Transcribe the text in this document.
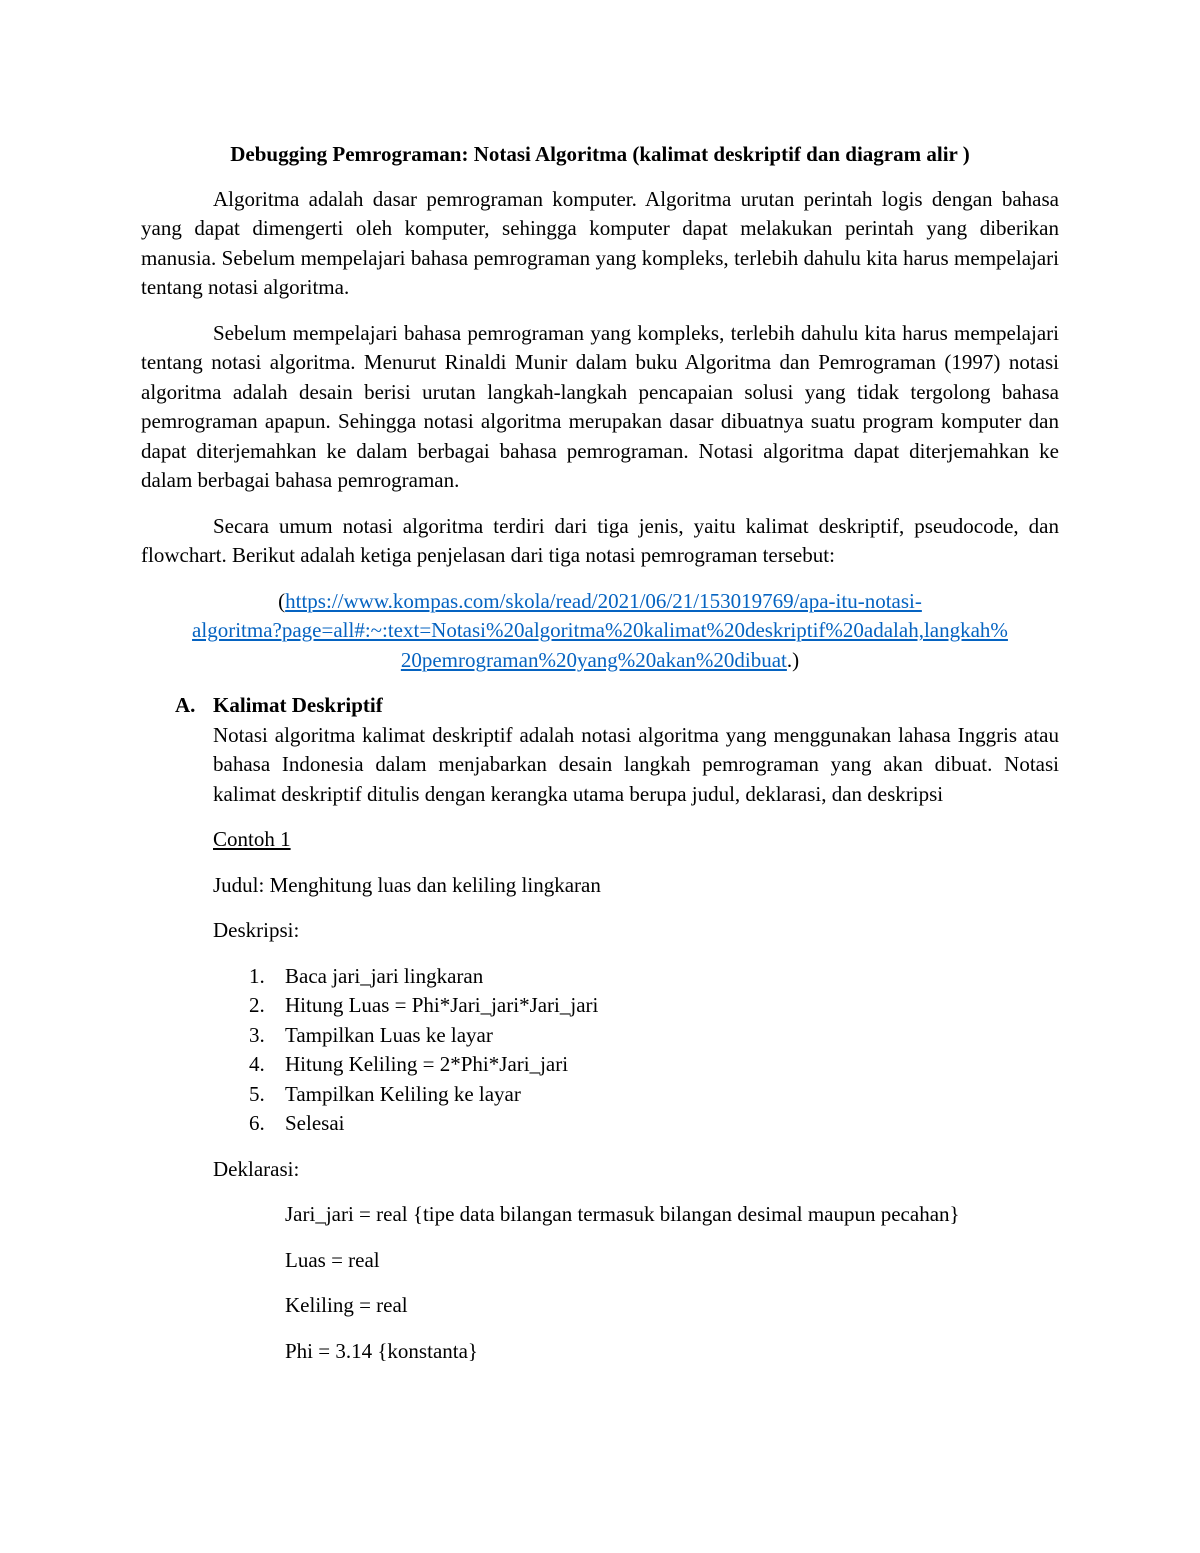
Debugging Pemrograman: Notasi Algoritma (kalimat deskriptif dan diagram alir )

Algoritma adalah dasar pemrograman komputer. Algoritma urutan perintah logis dengan bahasa yang dapat dimengerti oleh komputer, sehingga komputer dapat melakukan perintah yang diberikan manusia. Sebelum mempelajari bahasa pemrograman yang kompleks, terlebih dahulu kita harus mempelajari tentang notasi algoritma.

Sebelum mempelajari bahasa pemrograman yang kompleks, terlebih dahulu kita harus mempelajari tentang notasi algoritma. Menurut Rinaldi Munir dalam buku Algoritma dan Pemrograman (1997) notasi algoritma adalah desain berisi urutan langkah-langkah pencapaian solusi yang tidak tergolong bahasa pemrograman apapun. Sehingga notasi algoritma merupakan dasar dibuatnya suatu program komputer dan dapat diterjemahkan ke dalam berbagai bahasa pemrograman. Notasi algoritma dapat diterjemahkan ke dalam berbagai bahasa pemrograman.

Secara umum notasi algoritma terdiri dari tiga jenis, yaitu kalimat deskriptif, pseudocode, dan flowchart. Berikut adalah ketiga penjelasan dari tiga notasi pemrograman tersebut:

(https://www.kompas.com/skola/read/2021/06/21/153019769/apa-itu-notasi-
algoritma?page=all#:~:text=Notasi%20algoritma%20kalimat%20deskriptif%20adalah,langkah%
20pemrograman%20yang%20akan%20dibuat.)

A. Kalimat Deskriptif

Notasi algoritma kalimat deskriptif adalah notasi algoritma yang menggunakan lahasa Inggris atau bahasa Indonesia dalam menjabarkan desain langkah pemrograman yang akan dibuat. Notasi kalimat deskriptif ditulis dengan kerangka utama berupa judul, deklarasi, dan deskripsi

Contoh 1

Judul: Menghitung luas dan keliling lingkaran

Deskripsi:

1. Baca jari_jari lingkaran
2. Hitung Luas = Phi*Jari_jari*Jari_jari
3. Tampilkan Luas ke layar
4. Hitung Keliling = 2*Phi*Jari_jari
5. Tampilkan Keliling ke layar
6. Selesai

Deklarasi:

Jari_jari = real {tipe data bilangan termasuk bilangan desimal maupun pecahan}

Luas = real

Keliling = real

Phi = 3.14 {konstanta}
